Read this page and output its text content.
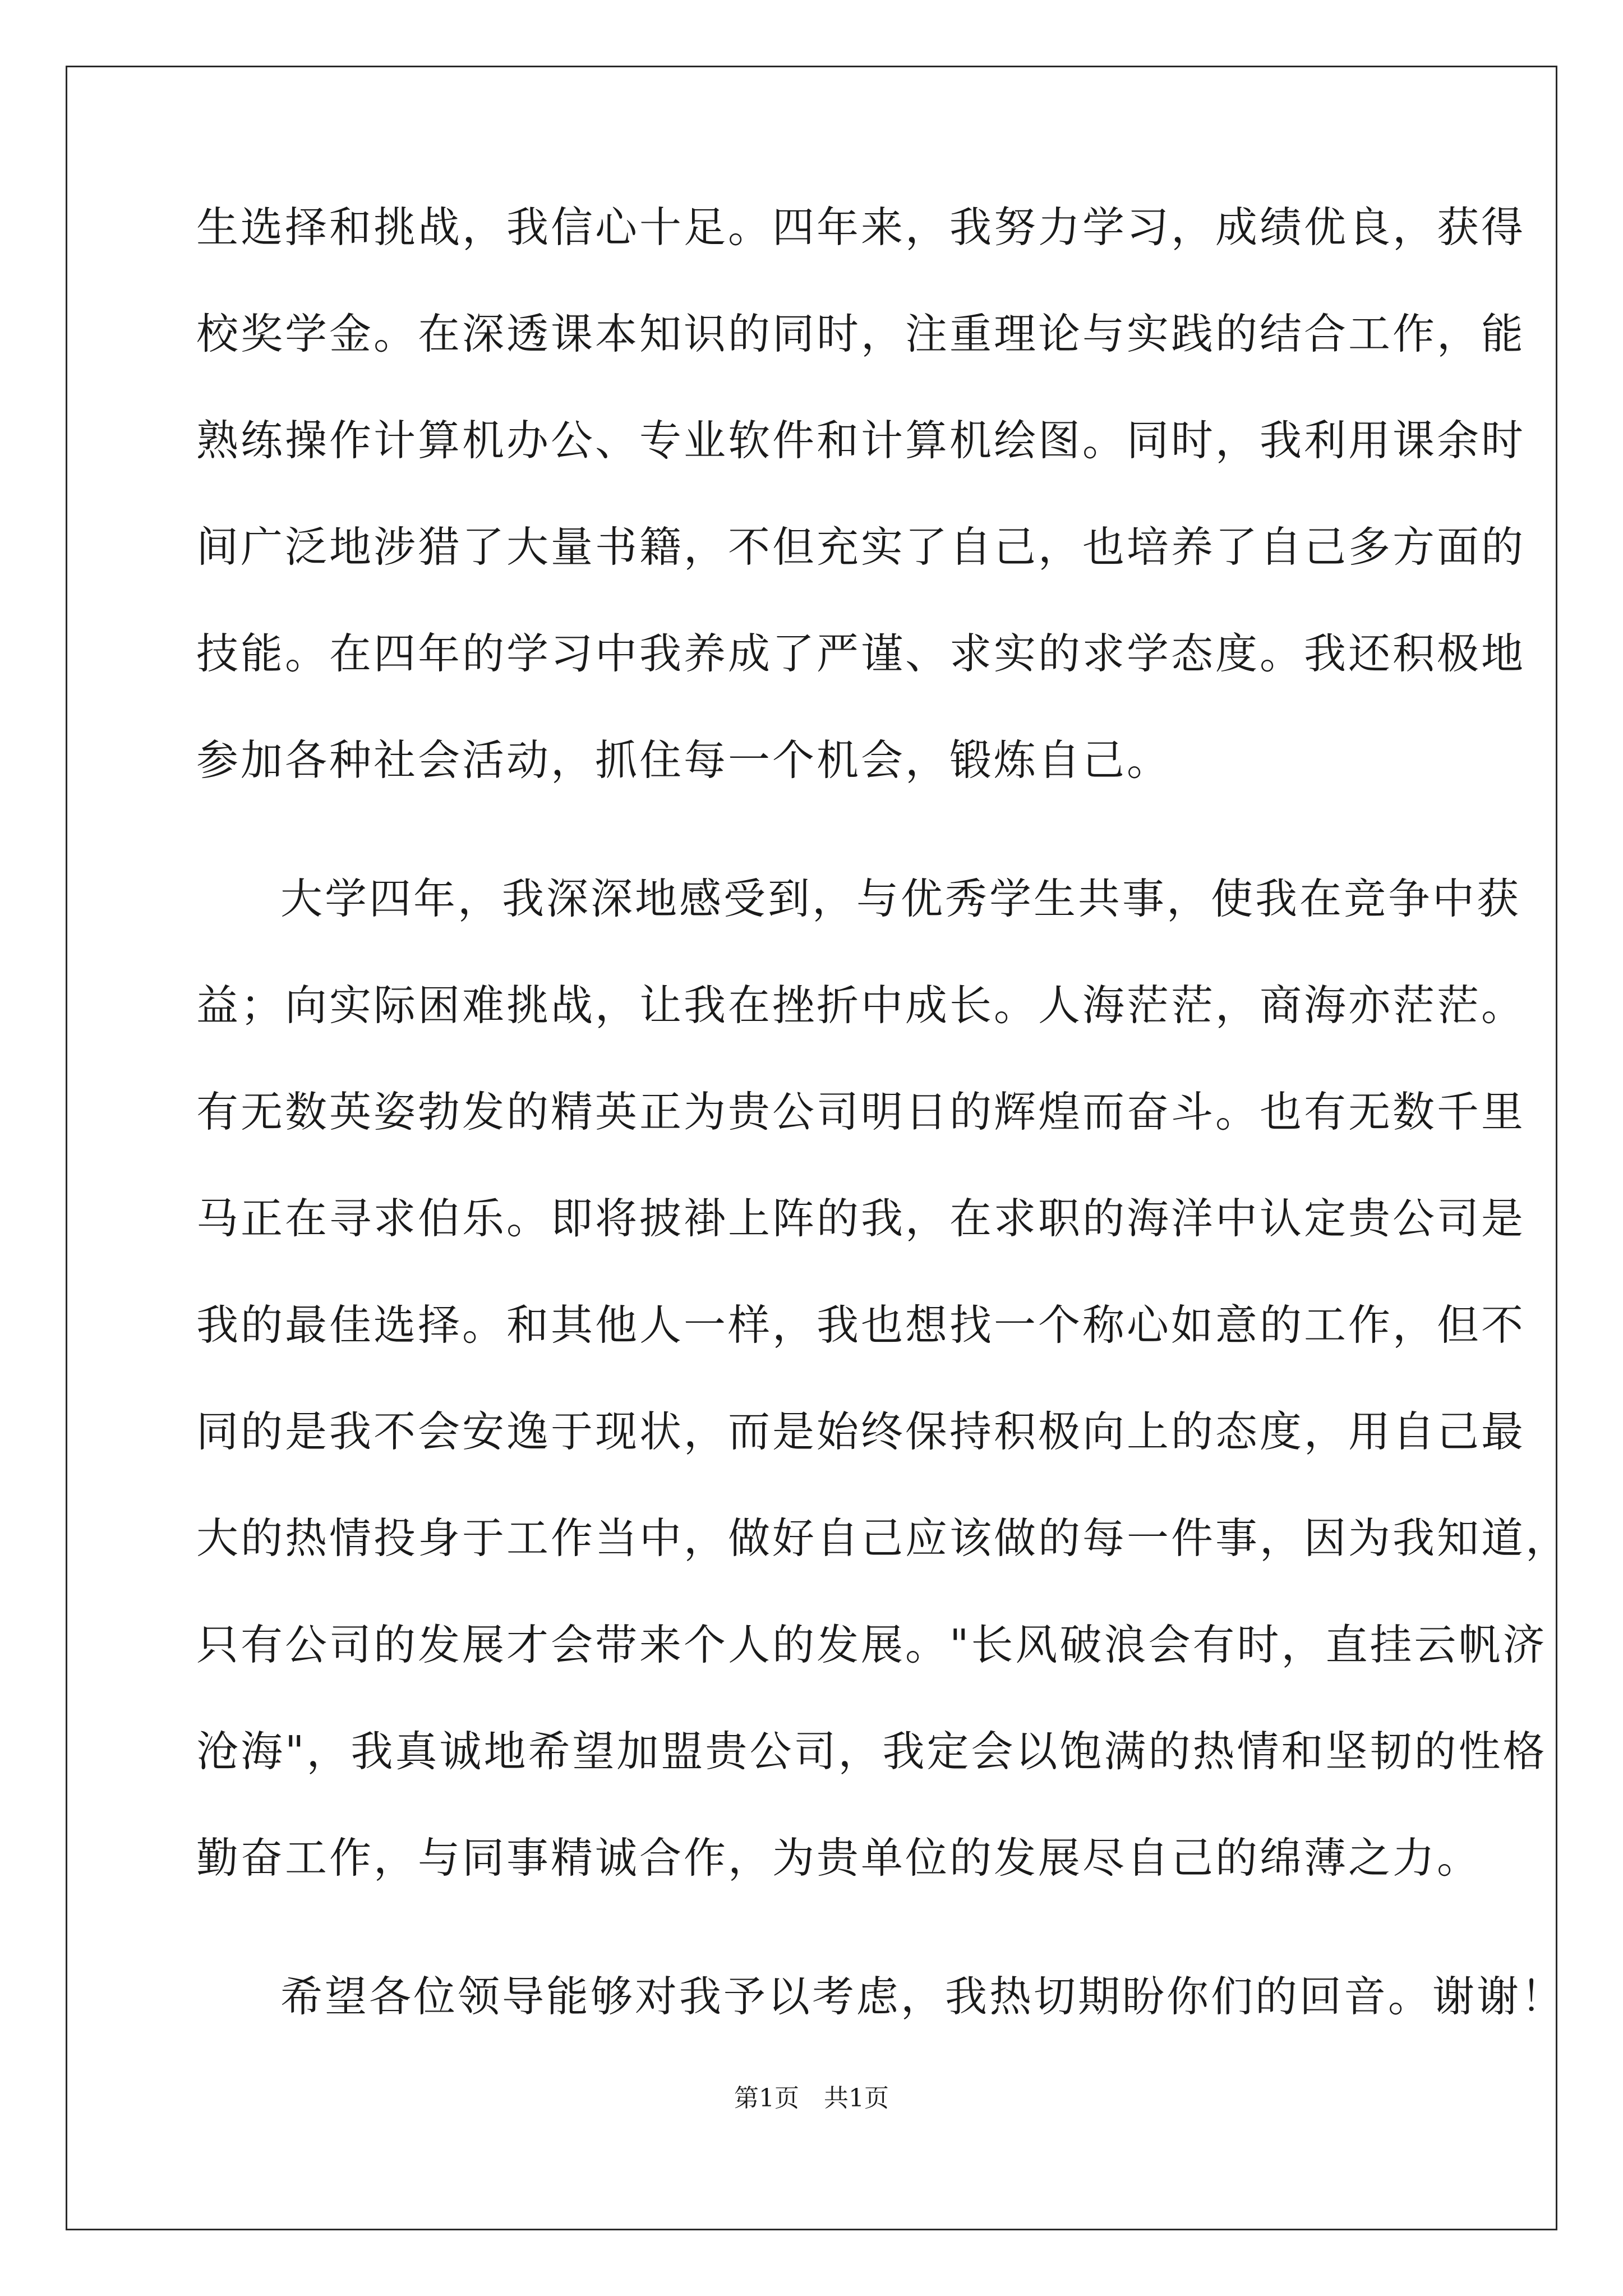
生选择和挑战，我信心十足。四年来，我努力学习，成绩优良，获得
校奖学金。在深透课本知识的同时，注重理论与实践的结合工作，能
熟练操作计算机办公、专业软件和计算机绘图。同时，我利用课余时
间广泛地涉猎了大量书籍，不但充实了自己，也培养了自己多方面的
技能。在四年的学习中我养成了严谨、求实的求学态度。我还积极地
参加各种社会活动，抓住每一个机会，锻炼自己。
大学四年，我深深地感受到，与优秀学生共事，使我在竞争中获
益；向实际困难挑战，让我在挫折中成长。人海茫茫，商海亦茫茫。
有无数英姿勃发的精英正为贵公司明日的辉煌而奋斗。也有无数千里
马正在寻求伯乐。即将披褂上阵的我，在求职的海洋中认定贵公司是
我的最佳选择。和其他人一样，我也想找一个称心如意的工作，但不
同的是我不会安逸于现状，而是始终保持积极向上的态度，用自己最
大的热情投身于工作当中，做好自己应该做的每一件事，因为我知道，
只有公司的发展才会带来个人的发展。"长风破浪会有时，直挂云帆济
沧海"，我真诚地希望加盟贵公司，我定会以饱满的热情和坚韧的性格
勤奋工作，与同事精诚合作，为贵单位的发展尽自己的绵薄之力。
希望各位领导能够对我予以考虑，我热切期盼你们的回音。谢谢！
第1页　共1页
